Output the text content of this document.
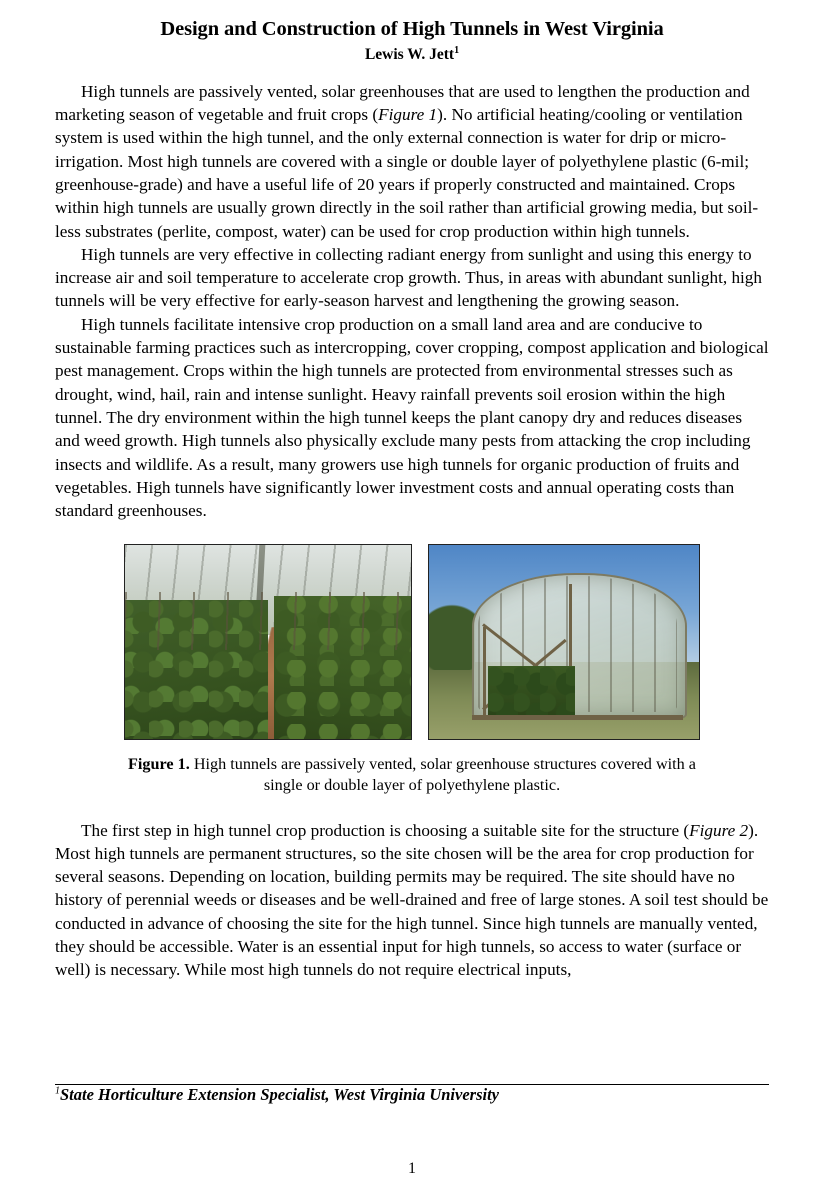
Design and Construction of High Tunnels in West Virginia
Lewis W. Jett$^1$

High tunnels are passively vented, solar greenhouses that are used to lengthen the production and marketing season of vegetable and fruit crops (Figure 1). No artificial heating/cooling or ventilation system is used within the high tunnel, and the only external connection is water for drip or micro-irrigation. Most high tunnels are covered with a single or double layer of polyethylene plastic (6-mil; greenhouse-grade) and have a useful life of 20 years if properly constructed and maintained. Crops within high tunnels are usually grown directly in the soil rather than artificial growing media, but soil-less substrates (perlite, compost, water) can be used for crop production within high tunnels.

High tunnels are very effective in collecting radiant energy from sunlight and using this energy to increase air and soil temperature to accelerate crop growth. Thus, in areas with abundant sunlight, high tunnels will be very effective for early-season harvest and lengthening the growing season.

High tunnels facilitate intensive crop production on a small land area and are conducive to sustainable farming practices such as intercropping, cover cropping, compost application and biological pest management. Crops within the high tunnels are protected from environmental stresses such as drought, wind, hail, rain and intense sunlight. Heavy rainfall prevents soil erosion within the high tunnel. The dry environment within the high tunnel keeps the plant canopy dry and reduces diseases and weed growth. High tunnels also physically exclude many pests from attacking the crop including insects and wildlife. As a result, many growers use high tunnels for organic production of fruits and vegetables. High tunnels have significantly lower investment costs and annual operating costs than standard greenhouses.

Figure 1. High tunnels are passively vented, solar greenhouse structures covered with a single or double layer of polyethylene plastic.

The first step in high tunnel crop production is choosing a suitable site for the structure (Figure 2). Most high tunnels are permanent structures, so the site chosen will be the area for crop production for several seasons. Depending on location, building permits may be required. The site should have no history of perennial weeds or diseases and be well-drained and free of large stones. A soil test should be conducted in advance of choosing the site for the high tunnel. Since high tunnels are manually vented, they should be accessible. Water is an essential input for high tunnels, so access to water (surface or well) is necessary. While most high tunnels do not require electrical inputs,

$^1$State Horticulture Extension Specialist, West Virginia University
1
